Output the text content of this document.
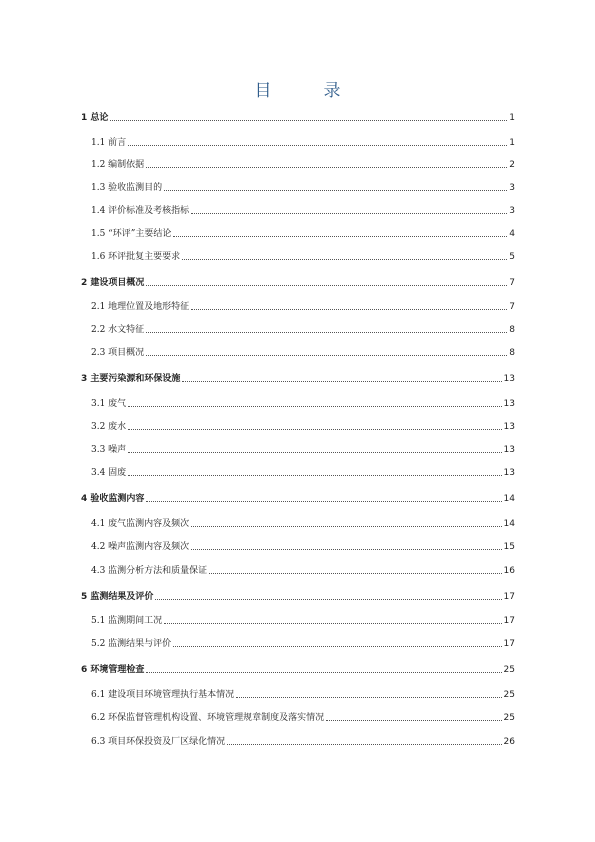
目	录
1 总论	1
1.1 前言	1
1.2 编制依据	2
1.3 验收监测目的	3
1.4 评价标准及考核指标	3
1.5 “环评”主要结论	4
1.6 环评批复主要要求	5
2 建设项目概况	7
2.1 地理位置及地形特征	7
2.2 水文特征	8
2.3 项目概况	8
3 主要污染源和环保设施	13
3.1 废气	13
3.2 废水	13
3.3 噪声	13
3.4 固废	13
4 验收监测内容	14
4.1 废气监测内容及频次	14
4.2 噪声监测内容及频次	15
4.3 监测分析方法和质量保证	16
5 监测结果及评价	17
5.1 监测期间工况	17
5.2 监测结果与评价	17
6 环境管理检查	25
6.1 建设项目环境管理执行基本情况	25
6.2 环保监督管理机构设置、环境管理规章制度及落实情况	25
6.3 项目环保投资及厂区绿化情况	26
